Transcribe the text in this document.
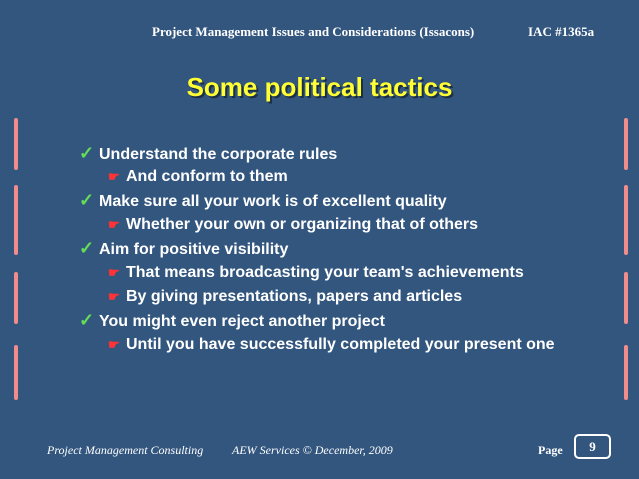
Project Management Issues and Considerations (Issacons)	IAC #1365a
Some political tactics
✓ Understand the corporate rules
☛ And conform to them
✓ Make sure all your work is of excellent quality
☛ Whether your own or organizing that of others
✓ Aim for positive visibility
☛ That means broadcasting your team's achievements
☛ By giving presentations, papers and articles
✓ You might even reject another project
☛ Until you have successfully completed your present one
Project Management Consulting AEW Services © December, 2009	Page	9
